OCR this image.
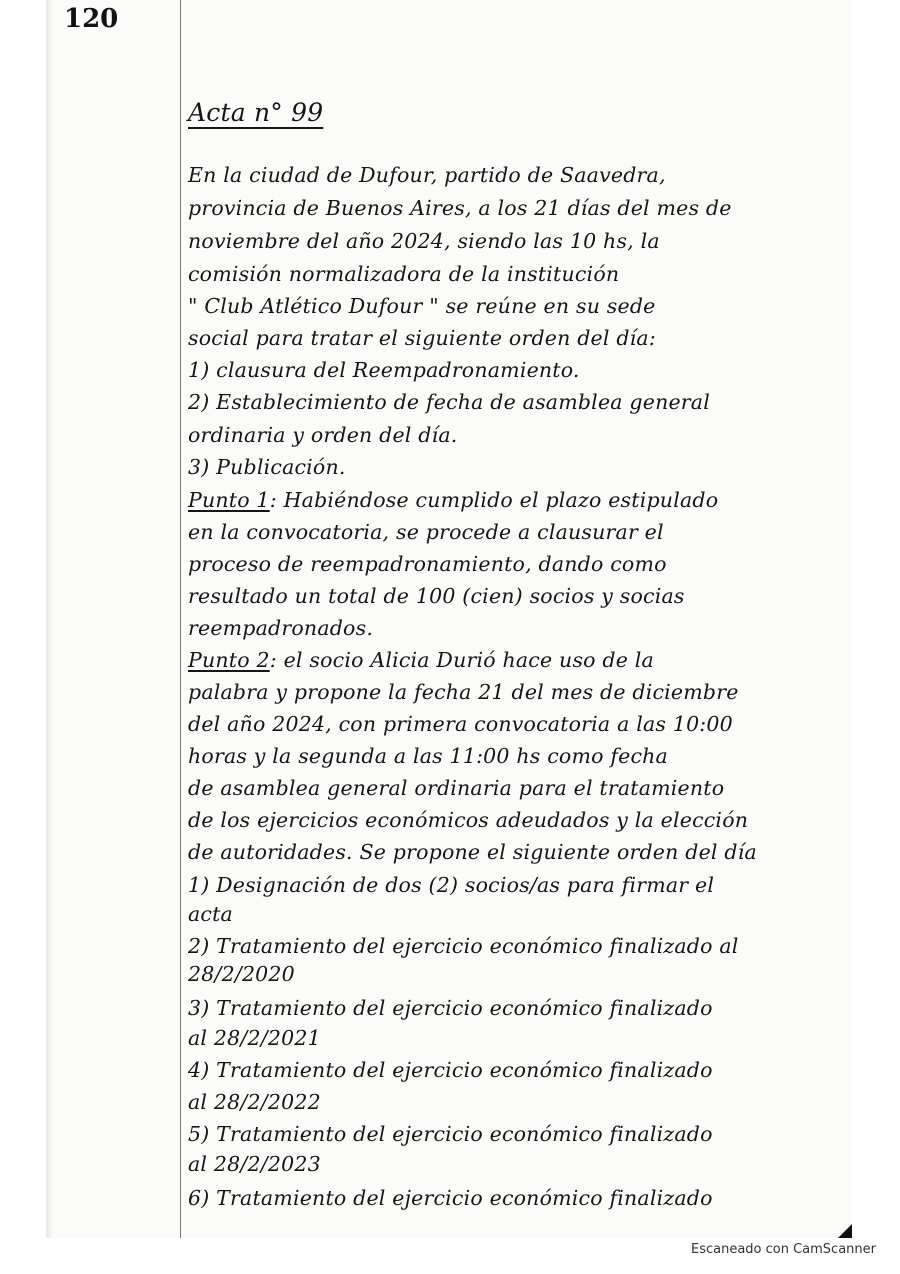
120
Acta n° 99
En la ciudad de Dufour, partido de Saavedra,
provincia de Buenos Aires, a los 21 días del mes de
noviembre del año 2024, siendo las 10 hs, la
comisión normalizadora de la institución
" Club Atlético Dufour " se reúne en su sede
social para tratar el siguiente orden del día:
1) clausura del Reempadronamiento.
2) Establecimiento de fecha de asamblea general
ordinaria y orden del día.
3) Publicación.
Punto 1: Habiéndose cumplido el plazo estipulado
en la convocatoria, se procede a clausurar el
proceso de reempadronamiento, dando como
resultado un total de 100 (cien) socios y socias
reempadronados.
Punto 2: el socio Alicia Durió hace uso de la
palabra y propone la fecha 21 del mes de diciembre
del año 2024, con primera convocatoria a las 10:00
horas y la segunda a las 11:00 hs como fecha
de asamblea general ordinaria para el tratamiento
de los ejercicios económicos adeudados y la elección
de autoridades. Se propone el siguiente orden del día
1) Designación de dos (2) socios/as para firmar el
acta
2) Tratamiento del ejercicio económico finalizado al
28/2/2020
3) Tratamiento del ejercicio económico finalizado
al 28/2/2021
4) Tratamiento del ejercicio económico finalizado
al 28/2/2022
5) Tratamiento del ejercicio económico finalizado
al 28/2/2023
6) Tratamiento del ejercicio económico finalizado
Escaneado con CamScanner
